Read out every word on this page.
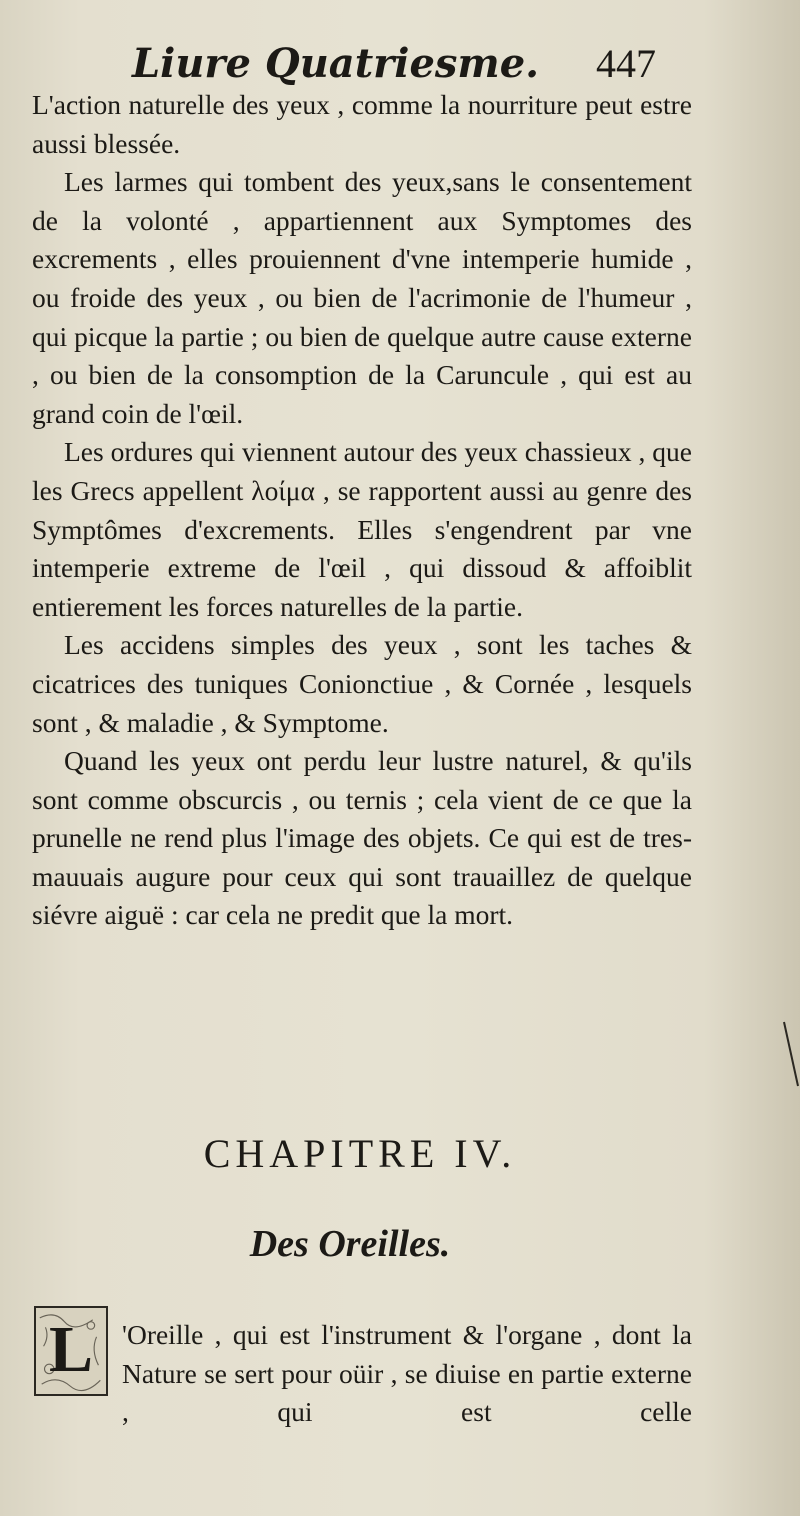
Liure Quatriesme. 447

L'action naturelle des yeux , comme la nourriture peut estre aussi blessée.

Les larmes qui tombent des yeux,sans le consentement de la volonté , appartiennent aux Symptomes des excrements , elles prouiennent d'vne intemperie humide , ou froide des yeux , ou bien de l'acrimonie de l'humeur , qui picque la partie ; ou bien de quelque autre cause externe , ou bien de la consomption de la Caruncule , qui est au grand coin de l'œil.

Les ordures qui viennent autour des yeux chassieux , que les Grecs appellent λοίμα , se rapportent aussi au genre des Symptômes d'excrements. Elles s'engendrent par vne intemperie extreme de l'œil , qui dissoud & affoiblit entierement les forces naturelles de la partie.

Les accidens simples des yeux , sont les taches & cicatrices des tuniques Conionctiue , & Cornée , lesquels sont , & maladie , & Symptome.

Quand les yeux ont perdu leur lustre naturel, & qu'ils sont comme obscurcis , ou ternis ; cela vient de ce que la prunelle ne rend plus l'image des objets. Ce qui est de tres-mauuais augure pour ceux qui sont trauaillez de quelque siévre aiguë : car cela ne predit que la mort.

CHAPITRE IV.
Des Oreilles.
L	'Oreille , qui est l'instrument & l'organe , dont la Nature se sert pour oüir , se diuise en partie externe , qui est celle
